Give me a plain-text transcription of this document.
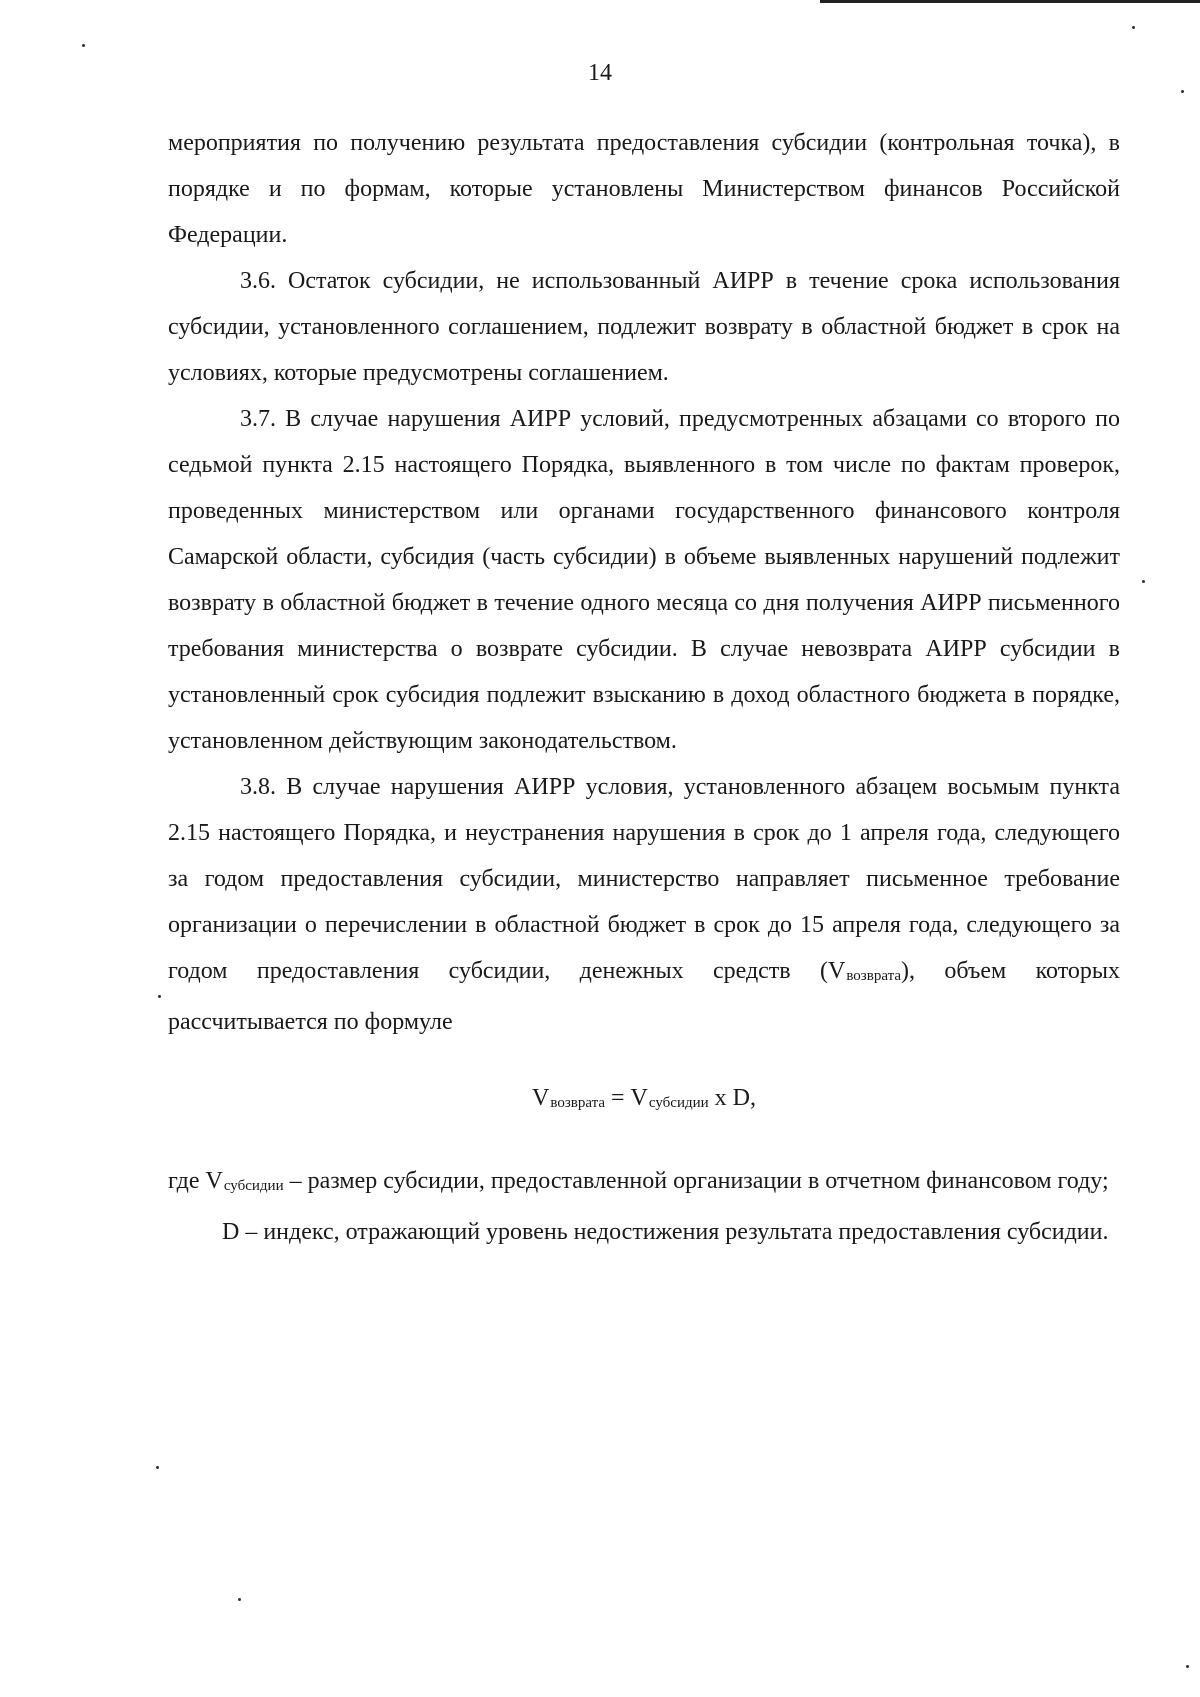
14

мероприятия по получению результата предоставления субсидии (контрольная точка), в порядке и по формам, которые установлены Министерством финансов Российской Федерации.

3.6. Остаток субсидии, не использованный АИРР в течение срока использования субсидии, установленного соглашением, подлежит возврату в областной бюджет в срок на условиях, которые предусмотрены соглашением.

3.7. В случае нарушения АИРР условий, предусмотренных абзацами со второго по седьмой пункта 2.15 настоящего Порядка, выявленного в том числе по фактам проверок, проведенных министерством или органами государственного финансового контроля Самарской области, субсидия (часть субсидии) в объеме выявленных нарушений подлежит возврату в областной бюджет в течение одного месяца со дня получения АИРР письменного требования министерства о возврате субсидии. В случае невозврата АИРР субсидии в установленный срок субсидия подлежит взысканию в доход областного бюджета в порядке, установленном действующим законодательством.

3.8. В случае нарушения АИРР условия, установленного абзацем восьмым пункта 2.15 настоящего Порядка, и неустранения нарушения в срок до 1 апреля года, следующего за годом предоставления субсидии, министерство направляет письменное требование организации о перечислении в областной бюджет в срок до 15 апреля года, следующего за годом предоставления субсидии, денежных средств (Vвозврата), объем которых рассчитывается по формуле

Vвозврата = Vсубсидии x D,

где Vсубсидии – размер субсидии, предоставленной организации в отчетном финансовом году;

D – индекс, отражающий уровень недостижения результата предоставления субсидии.
